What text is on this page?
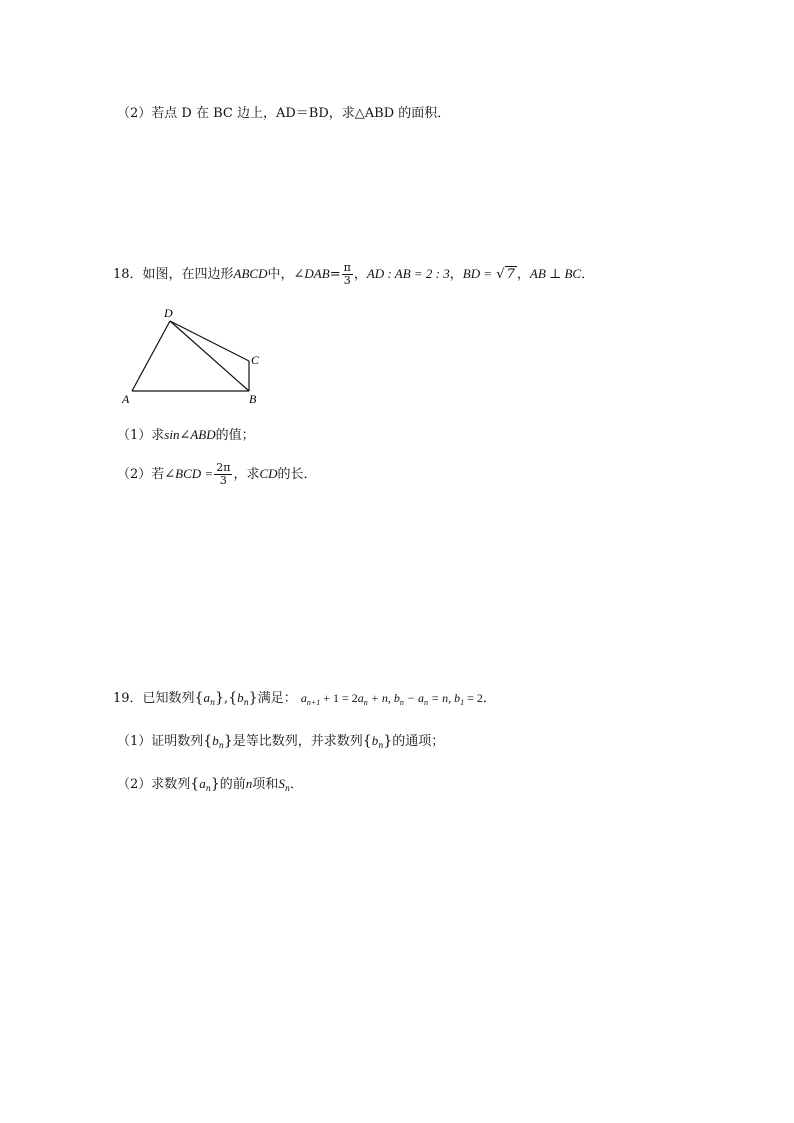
（2）若点 D 在 BC 边上，AD＝BD，求△ABD 的面积．
18．如图，在四边形ABCD中，∠DAB= $\frac{\pi}{3}$ ，AD : AB = 2 : 3，BD = √ 7 ，AB ⊥ BC．
A	B
C
D
（1）求sin∠ABD的值；
（2）若∠BCD = $\frac{2\pi}{3}$ ，求CD的长．
19．已知数列$\{a_n\},\{b_n\}$满足： $a_{n+1} + 1 = 2a_n + n$, $b_n - a_n = n$, $b_1 = 2$．
（1）证明数列$\{b_n\}$是等比数列，并求数列$\{b_n\}$的通项；
（2）求数列$\{a_n\}$的前n项和$S_n$．
